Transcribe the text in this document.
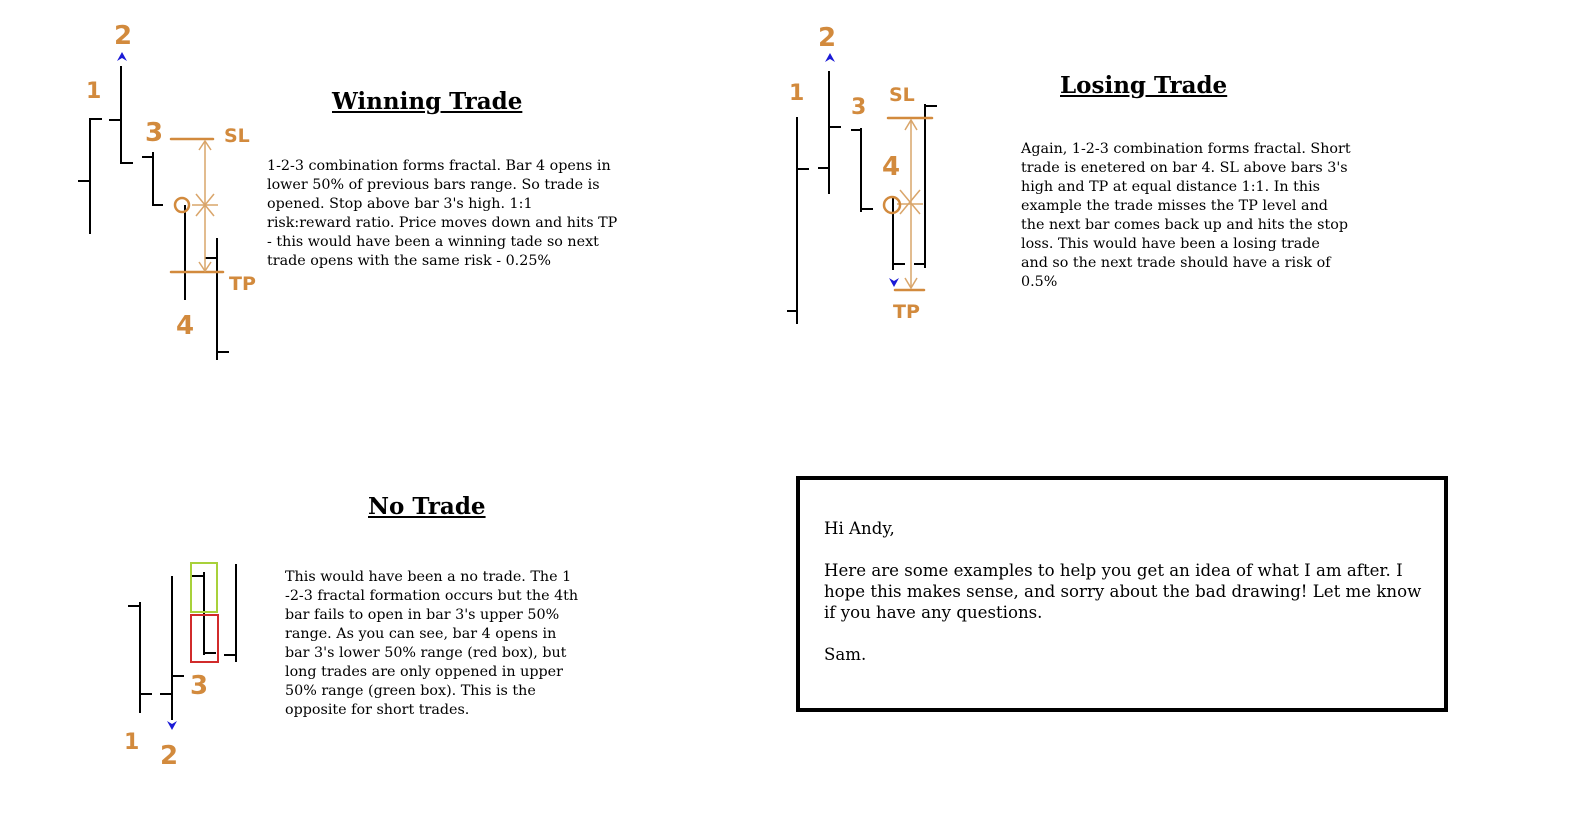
Winning Trade
1
2
3
4
SL
TP

1-2-3 combination forms fractal. Bar 4 opens in lower 50% of previous bars range. So trade is opened. Stop above bar 3's high. 1:1 risk:reward ratio. Price moves down and hits TP - this would have been a winning tade so next trade opens with the same risk - 0.25%

Losing Trade
1
2
3
4
SL
TP

Again, 1-2-3 combination forms fractal. Short trade is enetered on bar 4. SL above bars 3's high and TP at equal distance 1:1. In this example the trade misses the TP level and the next bar comes back up and hits the stop loss. This would have been a losing trade and so the next trade should have a risk of 0.5%

No Trade
1 2
3

This would have been a no trade. The 1 -2-3 fractal formation occurs but the 4th bar fails to open in bar 3's upper 50% range. As you can see, bar 4 opens in bar 3's lower 50% range (red box), but long trades are only oppened in upper 50% range (green box). This is the opposite for short trades.

Hi Andy,

Here are some examples to help you get an idea of what I am after. I hope this makes sense, and sorry about the bad drawing! Let me know if you have any questions.

Sam.
